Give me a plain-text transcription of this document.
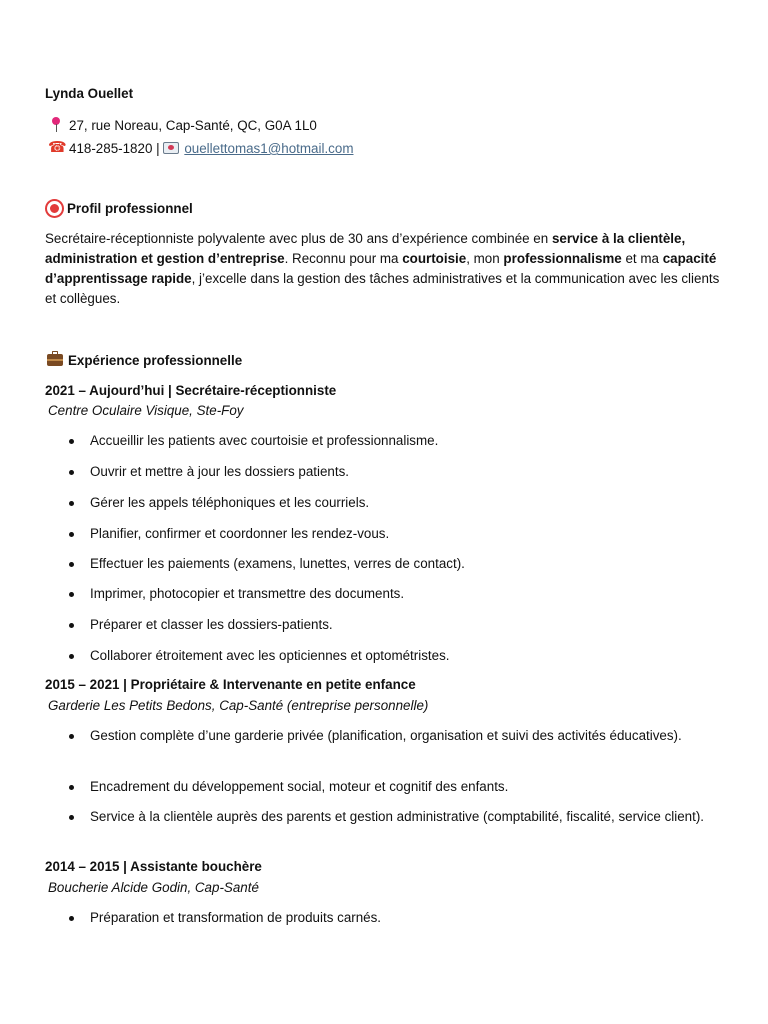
Lynda Ouellet
27, rue Noreau, Cap-Santé, QC, G0A 1L0
☎418-285-1820 | ouellettomas1@hotmail.com
Profil professionnel
Secrétaire-réceptionniste polyvalente avec plus de 30 ans d’expérience combinée en service à la clientèle, administration et gestion d’entreprise. Reconnu pour ma courtoisie, mon professionnalisme et ma capacité d’apprentissage rapide, j’excelle dans la gestion des tâches administratives et la communication avec les clients et collègues.
Expérience professionnelle
2021 – Aujourd’hui | Secrétaire-réceptionniste
Centre Oculaire Visique, Ste-Foy
Accueillir les patients avec courtoisie et professionnalisme.
Ouvrir et mettre à jour les dossiers patients.
Gérer les appels téléphoniques et les courriels.
Planifier, confirmer et coordonner les rendez-vous.
Effectuer les paiements (examens, lunettes, verres de contact).
Imprimer, photocopier et transmettre des documents.
Préparer et classer les dossiers-patients.
Collaborer étroitement avec les opticiennes et optométristes.
2015 – 2021 | Propriétaire & Intervenante en petite enfance
Garderie Les Petits Bedons, Cap-Santé (entreprise personnelle)
Gestion complète d’une garderie privée (planification, organisation et suivi des activités éducatives).
Encadrement du développement social, moteur et cognitif des enfants.
Service à la clientèle auprès des parents et gestion administrative (comptabilité, fiscalité, service client).
2014 – 2015 | Assistante bouchère
Boucherie Alcide Godin, Cap-Santé
Préparation et transformation de produits carnés.
